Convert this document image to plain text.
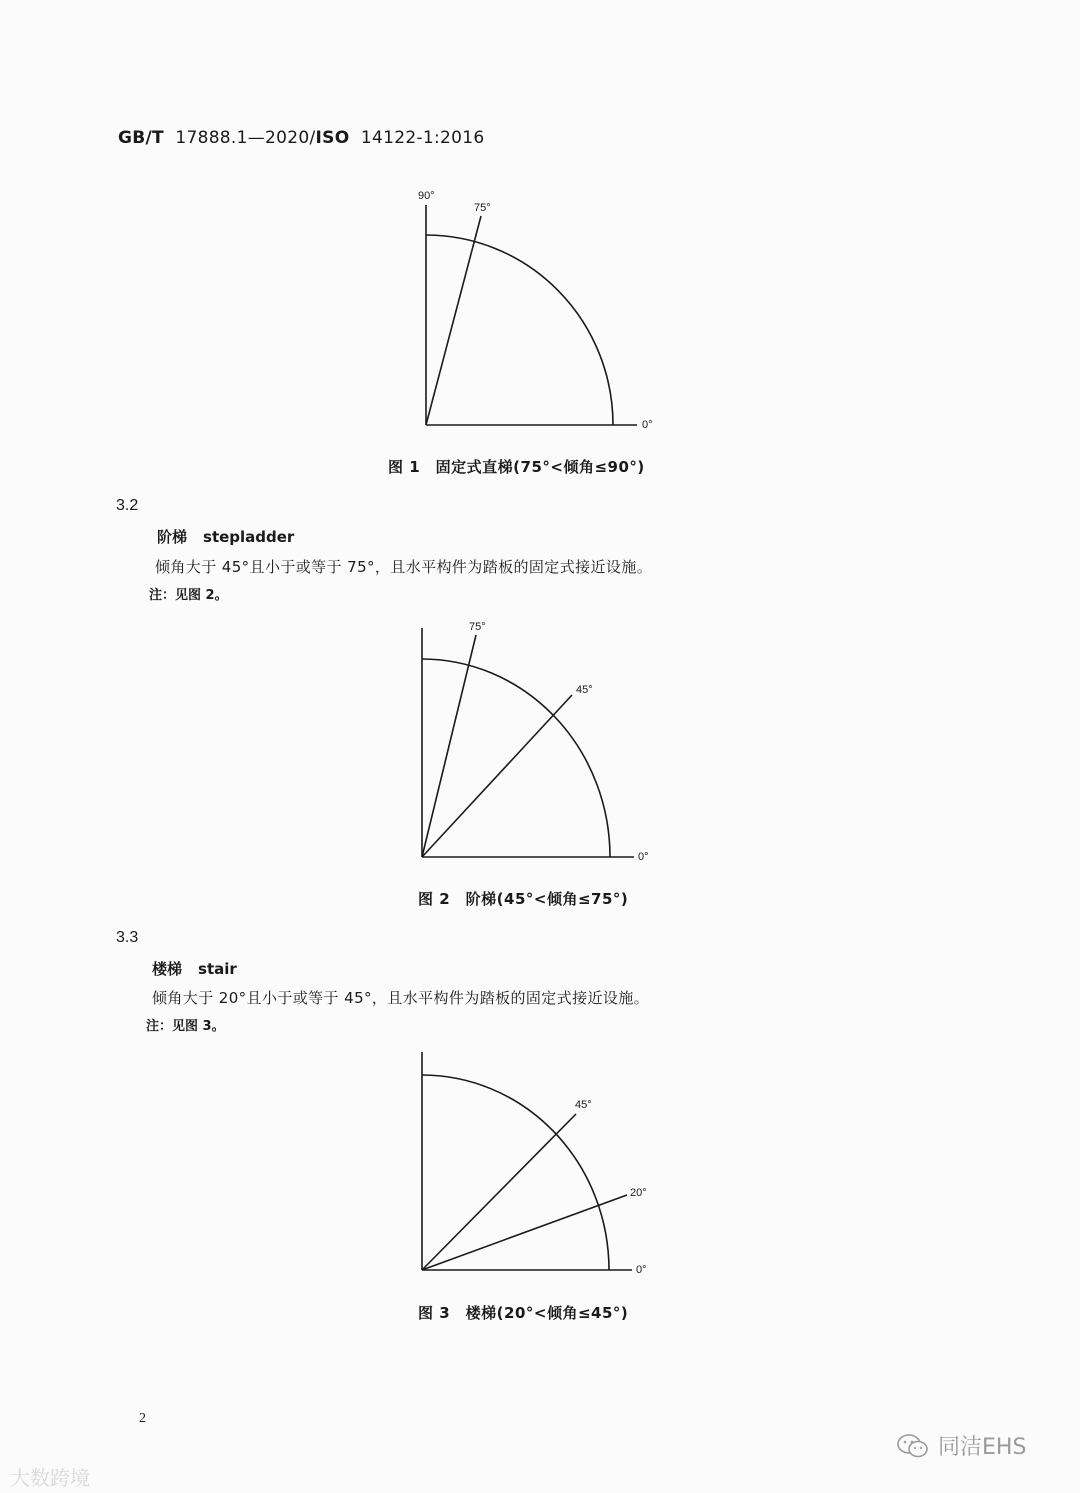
GB/T 17888.1—2020/ISO 14122-1:2016
90°
75°
0°
图 1　固定式直梯(75°<倾角≤90°)
3.2
阶梯 stepladder
倾角大于 45°且小于或等于 75°，且水平构件为踏板的固定式接近设施。
注：见图 2。
75°
45°
0°
图 2　阶梯(45°<倾角≤75°)
3.3
楼梯 stair
倾角大于 20°且小于或等于 45°，且水平构件为踏板的固定式接近设施。
注：见图 3。
45°
20°
0°
图 3　楼梯(20°<倾角≤45°)
2
大数跨境
同洁EHS
